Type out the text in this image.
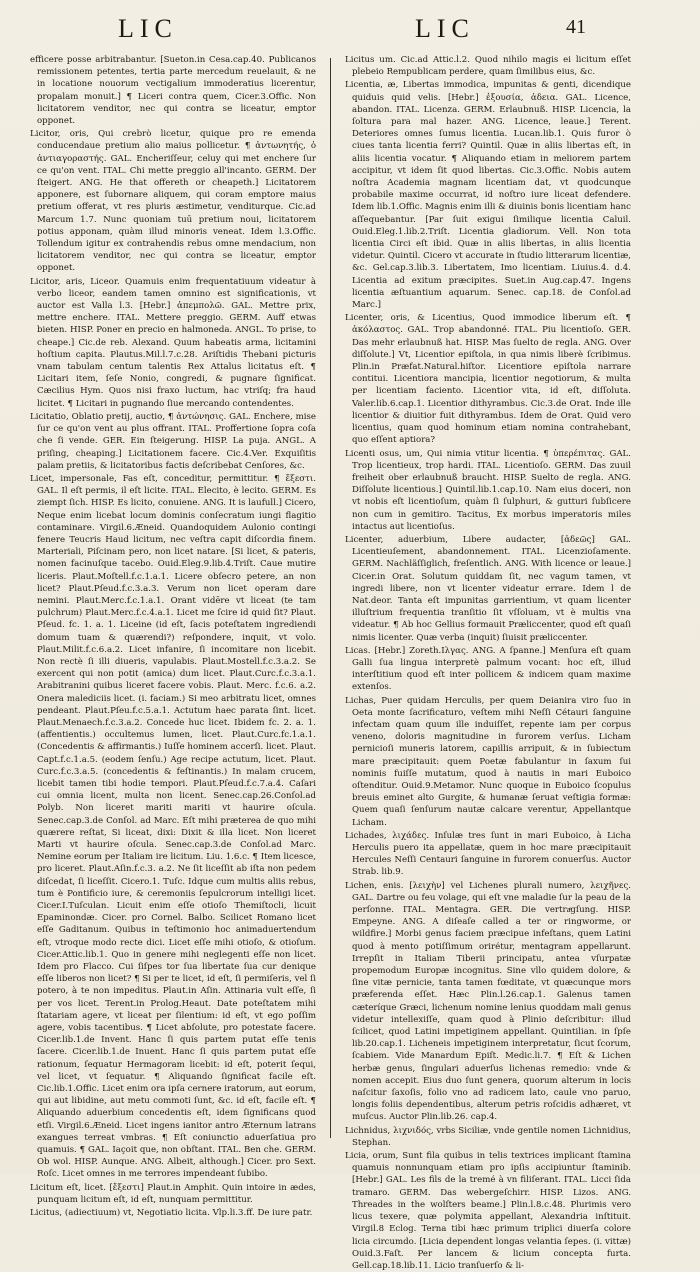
LIC	LIC	41

efficere posse arbitrabantur. [Sueton.in Cesa.cap.40. Publicanos remissionem petentes, tertia parte mercedum reuelauit, & ne in locatione nouorum vectigalium immoderatius licerentur, propalam monuit.] ¶ Liceri contra quem, Cicer.3.Offic. Non licitatorem venditor, nec qui contra se liceatur, emptor opponet.

Licitor, oris, Qui crebrò licetur, quique pro re emenda conducendaue pretium alio maius pollicetur. ¶ ἀντωνητής, ὁ ἀντιαγοραστής. GAL. Encheriſſeur, celuy qui met enchere ſur ce qu'on vent. ITAL. Chi mette preggio all'incanto. GERM. Der ſteigert. ANG. He that offereth or cheapeth.] Licitatorem apponere, est ſubornare aliquem, qui coram emptore maius pretium offerat, vt res pluris æstimetur, venditurque. Cic.ad Marcum 1.7. Nunc quoniam tuū pretium noui, licitatorem potius apponam, quàm illud minoris veneat. Idem l.3.Offic. Tollendum igitur ex contrahendis rebus omne mendacium, non licitatorem venditor, nec qui contra se liceatur, emptor opponet.

Licitor, aris, Liceor. Quamuis enim frequentatiuum videatur à verbo liceor, eandem tamen omnino est significationis, vt auctor est Valla l.3. [Hebr.] ἀπεμπολῶ. GAL. Mettre prix, mettre enchere. ITAL. Mettere preggio. GERM. Auff etwas bieten. HISP. Poner en precio en halmoneda. ANGL. To prise, to cheape.] Cic.de reb. Alexand. Quum habeatis arma, licitamini hoſtium capita. Plautus.Mil.l.7.c.28. Ariſtidis Thebani picturis vnam tabulam centum talentis Rex Attalus licitatus eſt. ¶ Licitari item, ſeſe Nonio, congredi, & pugnare ſignificat. Cæcilius Hym. Quos nisi fraxo luctum, hac vtriſq; fra haud licitet. ¶ Licitari in pugnando ſiue mercando contendentes.

Licitatio, Oblatio pretij, auctio, ¶ ἀντώνησις. GAL. Enchere, mise ſur ce qu'on vent au plus offrant. ITAL. Proffertione ſopra coſa che ſi vende. GER. Ein ſteigerung. HISP. La puja. ANGL. A priſing, cheaping.] Licitationem facere. Cic.4.Ver. Exquiſitis palam pretiis, & licitatoribus factis deſcribebat Cenſores, &c.

Licet, impersonale, Fas eſt, conceditur, permittitur. ¶ ἔξεστι. GAL. Il eſt permis, il eſt licite. ITAL. Elecito, è lecito. GERM. Es ziempt ſich. HISP. Es licito, conuiene. ANG. It is laufull.] Cicero, Neque enim licebat locum dominis conſecratum iungi flagitio contaminare. Virgil.6.Æneid. Quandoquidem Aulonio contingi fenere Teucris Haud licitum, nec veſtra capit diſcordia finem. Marteriali, Piſcinam pero, non licet natare. [Si licet, & pateris, nomen facinuſque tacebo. Ouid.Eleg.9.lib.4.Triſt. Caue mutire liceris. Plaut.Moſtell.f.c.1.a.1. Licere obſecro petere, an non licet? Plaut.Pſeud.f.c.3.a.3. Verum non licet operam dare nemini. Plaut.Merc.f.c.1.a.1. Orant vidēre vt liceat (te tam pulchrum) Plaut.Merc.f.c.4.a.1. Licet me ſcire id quid ſit? Plaut. Pſeud. fc. 1. a. 1. Liceine (id eſt, ſacis poteſtatem ingrediendi domum tuam & quærendi?) reſpondere, inquit, vt volo. Plaut.Milit.f.c.6.a.2. Licet infanire, ſi incomitare non licebit. Non rectè ſi illi diueris, vapulabis. Plaut.Mostell.f.c.3.a.2. Se exercent qui non potit (amica) dum licet. Plaut.Curc.f.c.3.a.1. Arabitranini quibus liceret facere vobis. Plaut. Merc. f.c.6. a.2. Onera malediciis licet. (i. faciam.) Si meo arbitratu licet, omnes pendeant. Plaut.Pſeu.f.c.5.a.1. Actutum haec parata ſint. licet. Plaut.Menaech.f.c.3.a.2. Concede huc licet. Ibidem fc. 2. a. 1. (affentientis.) occultemus lumen, licet. Plaut.Curc.fc.1.a.1. (Concedentis & affirmantis.) Iuſſe hominem accerſi. licet. Plaut. Capt.f.c.1.a.5. (eodem ſenſu.) Age recipe actutum, licet. Plaut. Curc.f.c.3.a.5. (concedentis & feſtinantis.) In malam crucem, licebit tamen tibi hodie tempori. Plaut.Pſeud.f.c.7.a.4. Caſari cui omnia licent, multa non licent. Senec.cap.26.Conſol.ad Polyb. Non liceret mariti mariti vt haurire oſcula. Senec.cap.3.de Conſol. ad Marc. Eſt mihi præterea de quo mihi quærere reſtat, Si liceat, dixi: Dixit & illa licet. Non liceret Marti vt haurire oſcula. Senec.cap.3.de Conſol.ad Marc. Nemine eorum per Italiam ire licitum. Liu. 1.6.c. ¶ Item licesce, pro liceret. Plaut.Aſin.f.c.3. a.2. Ne ſit liceſſit ab iſta non pedem diſcedat, ſi liceſſit. Cicero.1. Tuſc. Idque cum multis aliis rebus, tum è Pontificio iure, & ceremoniis ſepulcrorum intelligi licet. Cicer.I.Tuſculan. Licuit enim eſſe otioſo Themiſtocli, licuit Epaminondæ. Cicer. pro Cornel. Balbo. Scilicet Romano licet eſſe Gaditanum. Quibus in teſtimonio hoc animaduertendum eſt, vtroque modo recte dici. Licet eſſe mihi otioſo, & otioſum. Cicer.Attic.lib.1. Quo in genere mihi neglegenti eſſe non licet. Idem pro Flacco. Cui ſiſpes tor ſua libertate ſua cur denique eſſe liberos non licet? ¶ Si per te licet, id eſt, ſi permiſeris, vel ſi potero, à te non impeditus. Plaut.in Aſin. Attinaria vult eſſe, ſi per vos licet. Terent.in Prolog.Heaut. Date poteſtatem mihi ſtatariam agere, vt liceat per ſilentium: id eſt, vt ego poſſim agere, vobis tacentibus. ¶ Licet abſolute, pro potestate facere. Cicer.lib.1.de Invent. Hanc ſi quis partem putat eſſe tenis ſacere. Cicer.lib.1.de Inuent. Hanc ſi quis partem putat eſſe rationum, ſequatur Hermagoram licebit: id eſt, poterit ſequi, vel licet, vt ſequatur. ¶ Aliquando ſignificat facile eſt. Cic.lib.1.Offic. Licet enim ora ipſa cernere iratorum, aut eorum, qui aut libidine, aut metu commoti ſunt, &c. id eſt, facile eſt. ¶ Aliquando aduerbium concedentis eſt, idem ſignificans quod etſi. Virgil.6.Æneid. Licet ingens ianitor antro Æternum latrans exangues terreat vmbras. ¶ Eſt coniunctio aduerſatiua pro quamuis. ¶ GAL. Iaçoit que, non obſtant. ITAL. Ben che. GERM. Ob wol. HISP. Aunque. ANG. Albeit, although.] Cicer. pro Sext. Roſc. Licet omnes in me terrores impendeant ſubibo.

Licitum eſt, licet. [ἔξεστι] Plaut.in Amphit. Quin intoire in ædes, punquam licitum eſt, id eſt, nunquam permittitur.

Licitus, (adiectiuum) vt, Negotiatio licita. Vlp.li.3.ff. De iure patr.

Licitus um. Cic.ad Attic.l.2. Quod nihilo magis ei licitum eſſet plebeio Rempublicam perdere, quam ſimilibus eius, &c.

Licentia, æ, Libertas immodica, impunitas & genti, dicendique quiduis quid velis. [Hebr.] ἐξουσία, ἀδεια. GAL. Licence, abandon. ITAL. Licenza. GERM. Erlaubnuß. HISP. Licencia, la ſoltura para mal hazer. ANG. Licence, leaue.] Terent. Deteriores omnes ſumus licentia. Lucan.lib.1. Quis furor ò ciues tanta licentia ferri? Quintil. Quæ in aliis libertas eſt, in aliis licentia vocatur. ¶ Aliquando etiam in meliorem partem accipitur, vt idem ſit quod libertas. Cic.3.Offic. Nobis autem noſtra Academia magnam licentiam dat, vt quodcunque probabile maxime occurrat, id noſtro iure liceat defendere. Idem lib.1.Offic. Magnis enim illi & diuinis bonis licentiam hanc aſſequebantur. [Par ſuit exigui ſimilique licentia Caluil. Ouid.Eleg.1.lib.2.Triſt. Licentia gladiorum. Vell. Non tota licentia Circi eſt ibid. Quæ in aliis libertas, in aliis licentia videtur. Quintil. Cicero vt accurate in ſtudio litterarum licentiæ, &c. Gel.cap.3.lib.3. Libertatem, Imo licentiam. Liuius.4. d.4. Licentia ad exitum præcipites. Suet.in Aug.cap.47. Ingens licentia æſtuantium aquarum. Senec. cap.18. de Conſol.ad Marc.]

Licenter, oris, & Licentius, Quod immodice liberum eſt. ¶ ἀκόλαστος. GAL. Trop abandonné. ITAL. Piu licentioſo. GER. Das mehr erlaubnuß hat. HISP. Mas ſuelto de regla. ANG. Over diſſolute.] Vt, Licentior epiſtola, in qua nimis liberè ſcribimus. Plin.in Præfat.Natural.hiſtor. Licentiore epiſtola narrare contitui. Licentiora mancipia, licentior negotiorum, & multa per licentiam faciento. Licentior vita, id eſt, diſſoluta. Valer.lib.6.cap.1. Licentior dithyrambus. Cic.3.de Orat. Inde ille licentior & diuitior fuit dithyrambus. Idem de Orat. Quid vero licentius, quam quod hominum etiam nomina contrahebant, quo eſſent aptiora?

Licenti osus, um, Qui nimia vtitur licentia. ¶ ὑπερέπιτας. GAL. Trop licentieux, trop hardi. ITAL. Licentioſo. GERM. Das zuuil freiheit ober erlaubnuß braucht. HISP. Suelto de regla. ANG. Diſſolute licentious.] Quintil.lib.1.cap.10. Nam eius doceri, non vt nobis eſt licentioſum, quàm ſi ſulphuri, & gutturi ſubſicere non cum in gemitiro. Tacitus, Ex morbus imperatoris miles intactus aut licentioſus.

Licenter, aduerbium, Libere audacter, [ἀδεῶς] GAL. Licentieuſement, abandonnement. ITAL. Licenzioſamente. GERM. Nachläſſiglich, freſentlich. ANG. With licence or leaue.] Cicer.in Orat. Solutum quiddam ſit, nec vagum tamen, vt ingredi libere, non vt licenter videatur errare. Idem l de Nat.deor. Tanta eſt impunitas garrientium, vt quam licenter illuſtrium frequentia tranſitio ſit vſſoluam, vt è multis vna videatur. ¶ Ab hoc Gellius formauit Præliccenter, quod eſt quaſi nimis licenter. Quæ verba (inquit) ſiuisit præliccenter.

Licas. [Hebr.] Zoreth.Ιλγας. ANG. A ſpanne.] Menſura eſt quam Galli ſua lingua interpretè palmum vocant: hoc eſt, illud interſtitium quod eſt inter pollicem & indicem quam maxime extenſos.

Lichas, Puer quidam Herculis, per quem Deianira viro ſuo in Oeta monte ſacrificaturo, veſtem mihi Neſſi Cétauri ſanguine infectam quam quum ille induiſſet, repente iam per corpus veneno, doloris magnitudine in furorem verſus. Licham pernicioſi muneris latorem, capillis arripuit, & in ſubiectum mare præcipitauit: quem Poetæ fabulantur in ſaxum ſui nominis fuiſſe mutatum, quod à nautis in mari Euboico oſtenditur. Ouid.9.Metamor. Nunc quoque in Euboico ſcopulus breuis eminet alto Gurgite, & humanæ ſeruat veſtigia formæ: Quem quaſi ſenſurum nautæ calcare verentur, Appellantque Licham.

Lichades, λιχάδες. Inſulæ tres ſunt in mari Euboico, à Licha Herculis puero ita appellatæ, quem in hoc mare præcipitauit Hercules Neſſi Centauri ſanguine in furorem conuerſus. Auctor Strab. lib.9.

Lichen, enis. [λειχὴν] vel Lichenes plurali numero, λειχῆνες. GAL. Dartre ou feu volage, qui eſt vne maladie ſur la peau de la perſonne. ITAL. Mentagra. GER. Die vertraͤgſung. HISP. Empeyne. ANG. A diſeaſe called a ter or ringworme, or wildfire.] Morbi genus faciem præcipue infeſtans, quem Latini quod à mento potiſſimum orirétur, mentagram appellarunt. Irrepſit in Italiam Tiberii principatu, antea vſurpatæ propemodum Europæ incognitus. Sine vllo quidem dolore, & ſine vitæ pernicie, tanta tamen fœditate, vt quæcunque mors præferenda eſſet. Hæc Plin.l.26.cap.1. Galenus tamen cæteríque Græci, lichenum nomine lenius quoddam mali genus videtur intellexiſſe, quam quod à Plinio deſcribitur: illud ſcilicet, quod Latini impetiginem appellant. Quintilian. in ſpſe lib.20.cap.1. Licheneis impetiginem interpretatur, ſicut ſcorum, ſcabiem. Vide Manardum Epiſt. Medic.li.7. ¶ Eſt & Lichen herbæ genus, ſingulari aduerſus lichenas remedio: vnde & nomen accepit. Eius duo ſunt genera, quorum alterum in locis naſcitur ſaxoſis, folio vno ad radicem lato, caule vno paruo, longis foliis dependentibus, alterum petris roſcidis adhæret, vt muſcus. Auctor Plin.lib.26. cap.4.

Lichnidus, λιχνιδός, vrbs Siciliæ, vnde gentile nomen Lichnidius, Stephan.

Licia, orum, Sunt fila quibus in telis textrices implicant ſtamina quamuis nonnunquam etiam pro ipſis accipiuntur ſtaminib. [Hebr.] GAL. Les fils de la tremé à vn filiſerant. ITAL. Licci ſida tramaro. GERM. Das webergeſchirr. HISP. Lizos. ANG. Threades in the wolſters beame.] Plin.l.8.c.48. Plurimis vero licus texere, quæ polymita appellant, Alexandria inſtituit. Virgil.8 Eclog. Terna tibi hæc primum triplici diuerſa colore licia circumdo. [Licia dependent longas velantia ſepes. (i. vittæ) Ouid.3.Faſt. Per lancem & licium concepta furta. Gell.cap.18.lib.11. Licio tranſuerſo & li-
